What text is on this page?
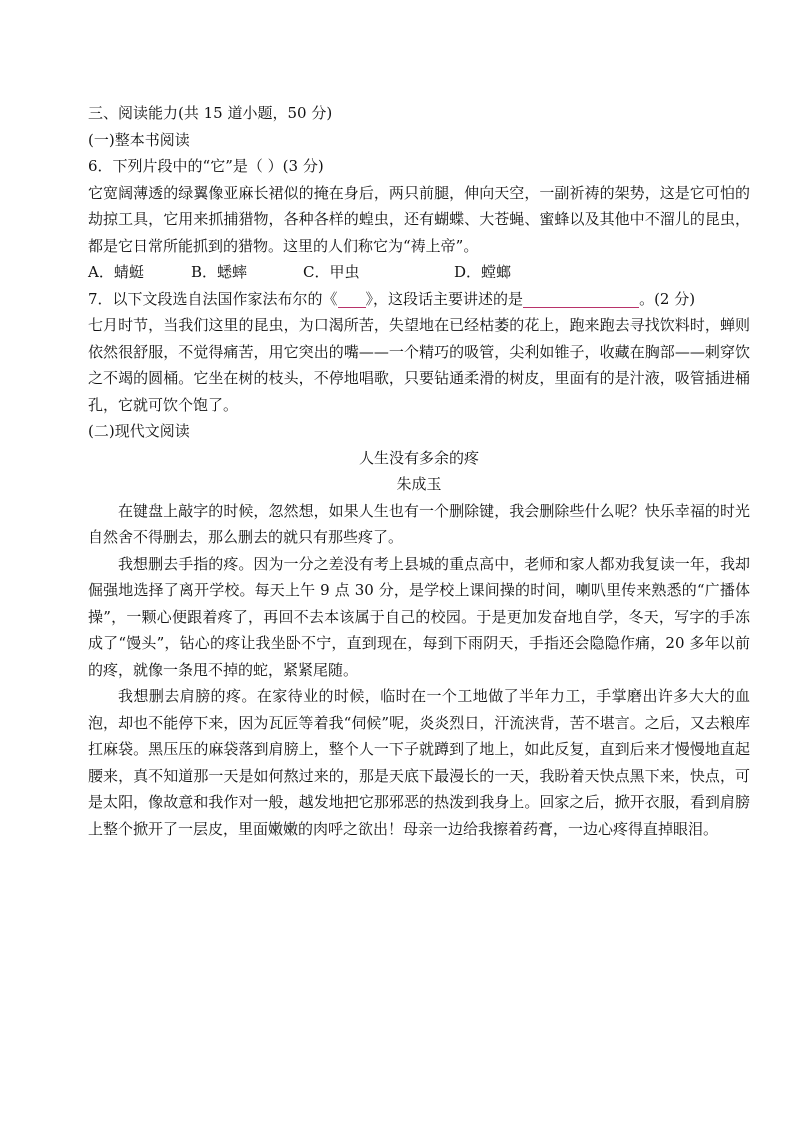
三、阅读能力(共 15 道小题，50 分)
(一)整本书阅读
6．下列片段中的“它”是（ ）(3 分)

它宽阔薄透的绿翼像亚麻长裙似的掩在身后，两只前腿，伸向天空，一副祈祷的架势，这是它可怕的劫掠工具，它用来抓捕猎物，各种各样的蝗虫，还有蝴蝶、大苍蝇、蜜蜂以及其他中不溜儿的昆虫，都是它日常所能抓到的猎物。这里的人们称它为“祷上帝”。

A．蜻蜓	B．蟋蟀	C．甲虫	D．螳螂
7．以下文段选自法国作家法布尔的《 》，这段话主要讲述的是	。(2 分)

七月时节，当我们这里的昆虫，为口渴所苦，失望地在已经枯萎的花上，跑来跑去寻找饮料时，蝉则依然很舒服，不觉得痛苦，用它突出的嘴——一个精巧的吸管，尖利如锥子，收藏在胸部——刺穿饮之不竭的圆桶。它坐在树的枝头，不停地唱歌，只要钻通柔滑的树皮，里面有的是汁液，吸管插进桶孔，它就可饮个饱了。

(二)现代文阅读
人生没有多余的疼
朱成玉

在键盘上敲字的时候，忽然想，如果人生也有一个删除键，我会删除些什么呢？快乐幸福的时光自然舍不得删去，那么删去的就只有那些疼了。

我想删去手指的疼。因为一分之差没有考上县城的重点高中，老师和家人都劝我复读一年，我却倔强地选择了离开学校。每天上午 9 点 30 分，是学校上课间操的时间，喇叭里传来熟悉的“广播体操”，一颗心便跟着疼了，再回不去本该属于自己的校园。于是更加发奋地自学，冬天，写字的手冻成了“馒头”，钻心的疼让我坐卧不宁，直到现在，每到下雨阴天，手指还会隐隐作痛，20 多年以前的疼，就像一条甩不掉的蛇，紧紧尾随。

我想删去肩膀的疼。在家待业的时候，临时在一个工地做了半年力工，手掌磨出许多大大的血泡，却也不能停下来，因为瓦匠等着我“伺候”呢，炎炎烈日，汗流浃背，苦不堪言。之后，又去粮库扛麻袋。黑压压的麻袋落到肩膀上，整个人一下子就蹲到了地上，如此反复，直到后来才慢慢地直起腰来，真不知道那一天是如何熬过来的，那是天底下最漫长的一天，我盼着天快点黑下来，快点，可是太阳，像故意和我作对一般，越发地把它那邪恶的热泼到我身上。回家之后，掀开衣服，看到肩膀上整个掀开了一层皮，里面嫩嫩的肉呼之欲出！母亲一边给我擦着药膏，一边心疼得直掉眼泪。
